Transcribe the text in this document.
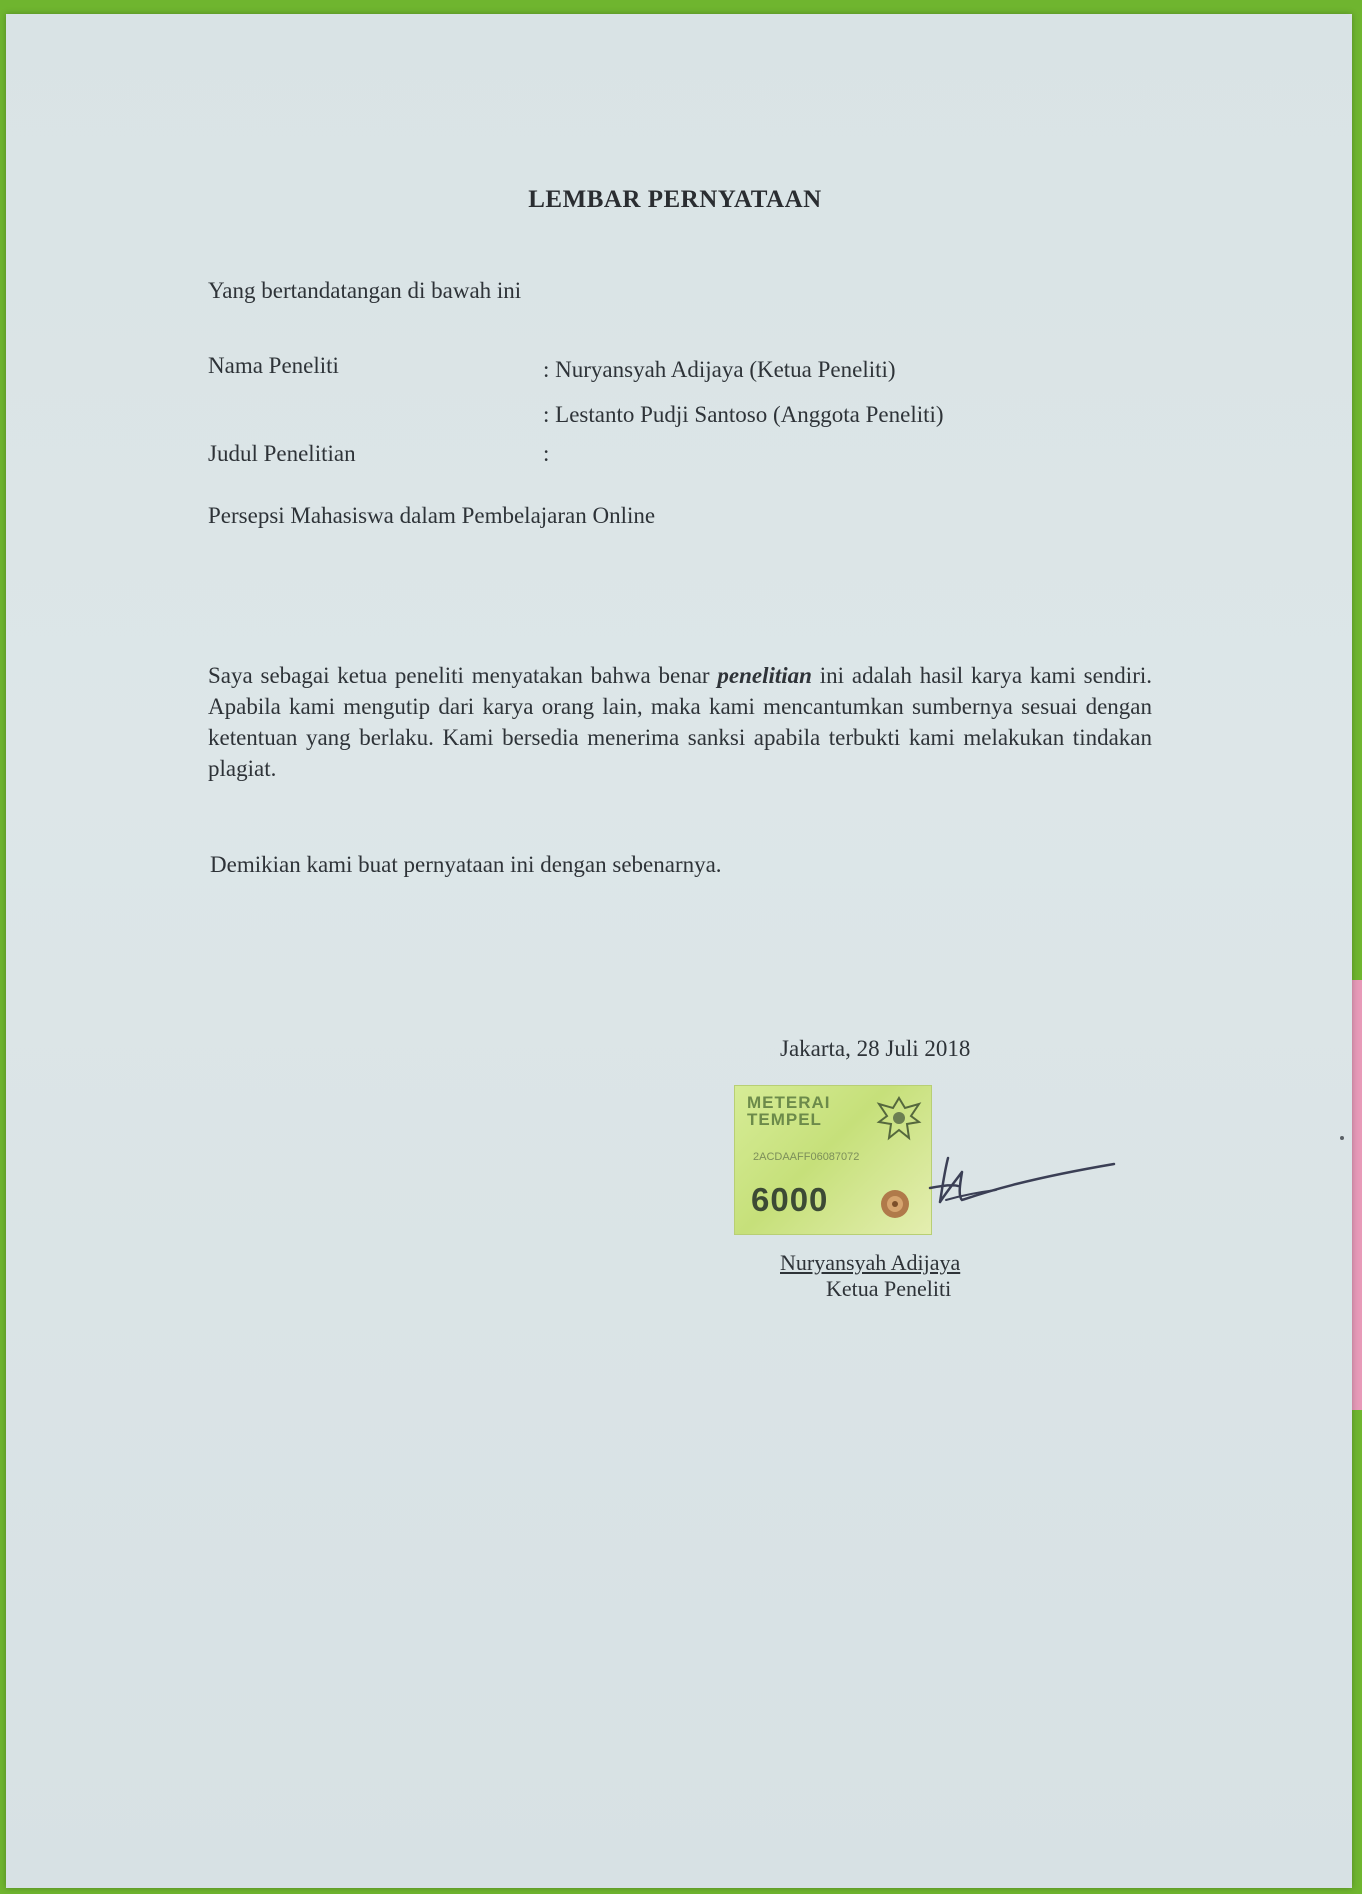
LEMBAR PERNYATAAN
Yang bertandatangan di bawah ini
Nama Peneliti	: Nuryansyah Adijaya (Ketua Peneliti)
: Lestanto Pudji Santoso (Anggota Peneliti)
Judul Penelitian	:
Persepsi Mahasiswa dalam Pembelajaran Online
Saya sebagai ketua peneliti menyatakan bahwa benar penelitian ini adalah hasil karya kami sendiri. Apabila kami mengutip dari karya orang lain, maka kami mencantumkan sumbernya sesuai dengan ketentuan yang berlaku. Kami bersedia menerima sanksi apabila terbukti kami melakukan tindakan plagiat.
Demikian kami buat pernyataan ini dengan sebenarnya.
Jakarta, 28 Juli 2018
METERAI
TEMPEL
2ACDAAFF06087072
6000
Nuryansyah Adijaya
Ketua Peneliti
